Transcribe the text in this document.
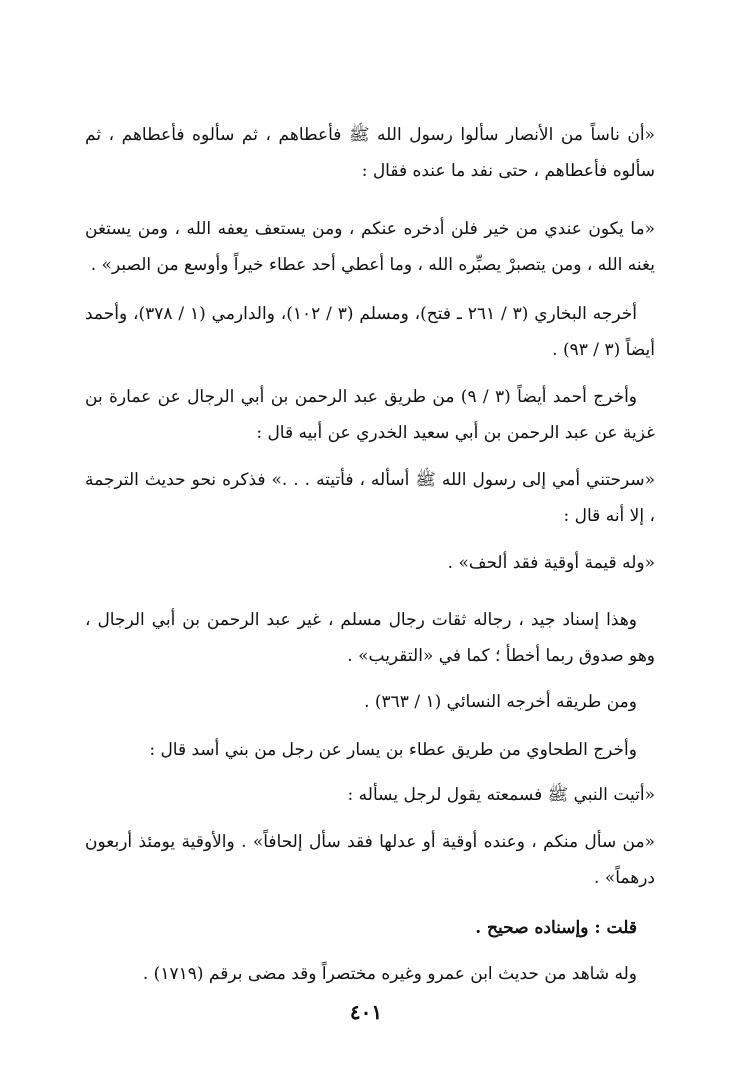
«أن ناساً من الأنصار سألوا رسول الله ﷺ فأعطاهم ، ثم سألوه فأعطاهم ، ثم سألوه فأعطاهم ، حتى نفد ما عنده فقال :

«ما يكون عندي من خير فلن أدخره عنكم ، ومن يستعف يعفه الله ، ومن يستغن يغنه الله ، ومن يتصبرْ يصبِّره الله ، وما أعطي أحد عطاء خيراً وأوسع من الصبر» .

أخرجه البخاري (٣ / ٢٦١ ـ فتح)، ومسلم (٣ / ١٠٢)، والدارمي (١ / ٣٧٨)، وأحمد أيضاً (٣ / ٩٣) .

وأخرج أحمد أيضاً (٣ / ٩) من طريق عبد الرحمن بن أبي الرجال عن عمارة بن غزية عن عبد الرحمن بن أبي سعيد الخدري عن أبيه قال :

«سرحتني أمي إلى رسول الله ﷺ أسأله ، فأتيته . . .» فذكره نحو حديث الترجمة ، إلا أنه قال :

«وله قيمة أوقية فقد ألحف» .

وهذا إسناد جيد ، رجاله ثقات رجال مسلم ، غير عبد الرحمن بن أبي الرجال ، وهو صدوق ربما أخطأ ؛ كما في «التقريب» .

ومن طريقه أخرجه النسائي (١ / ٣٦٣) .

وأخرج الطحاوي من طريق عطاء بن يسار عن رجل من بني أسد قال :

«أتيت النبي ﷺ فسمعته يقول لرجل يسأله :

«من سأل منكم ، وعنده أوقية أو عدلها فقد سأل إلحافاً» . والأوقية يومئذ أربعون درهماً» .

قلت : وإسناده صحيح .

وله شاهد من حديث ابن عمرو وغيره مختصراً وقد مضى برقم (١٧١٩) .

٤٠١
